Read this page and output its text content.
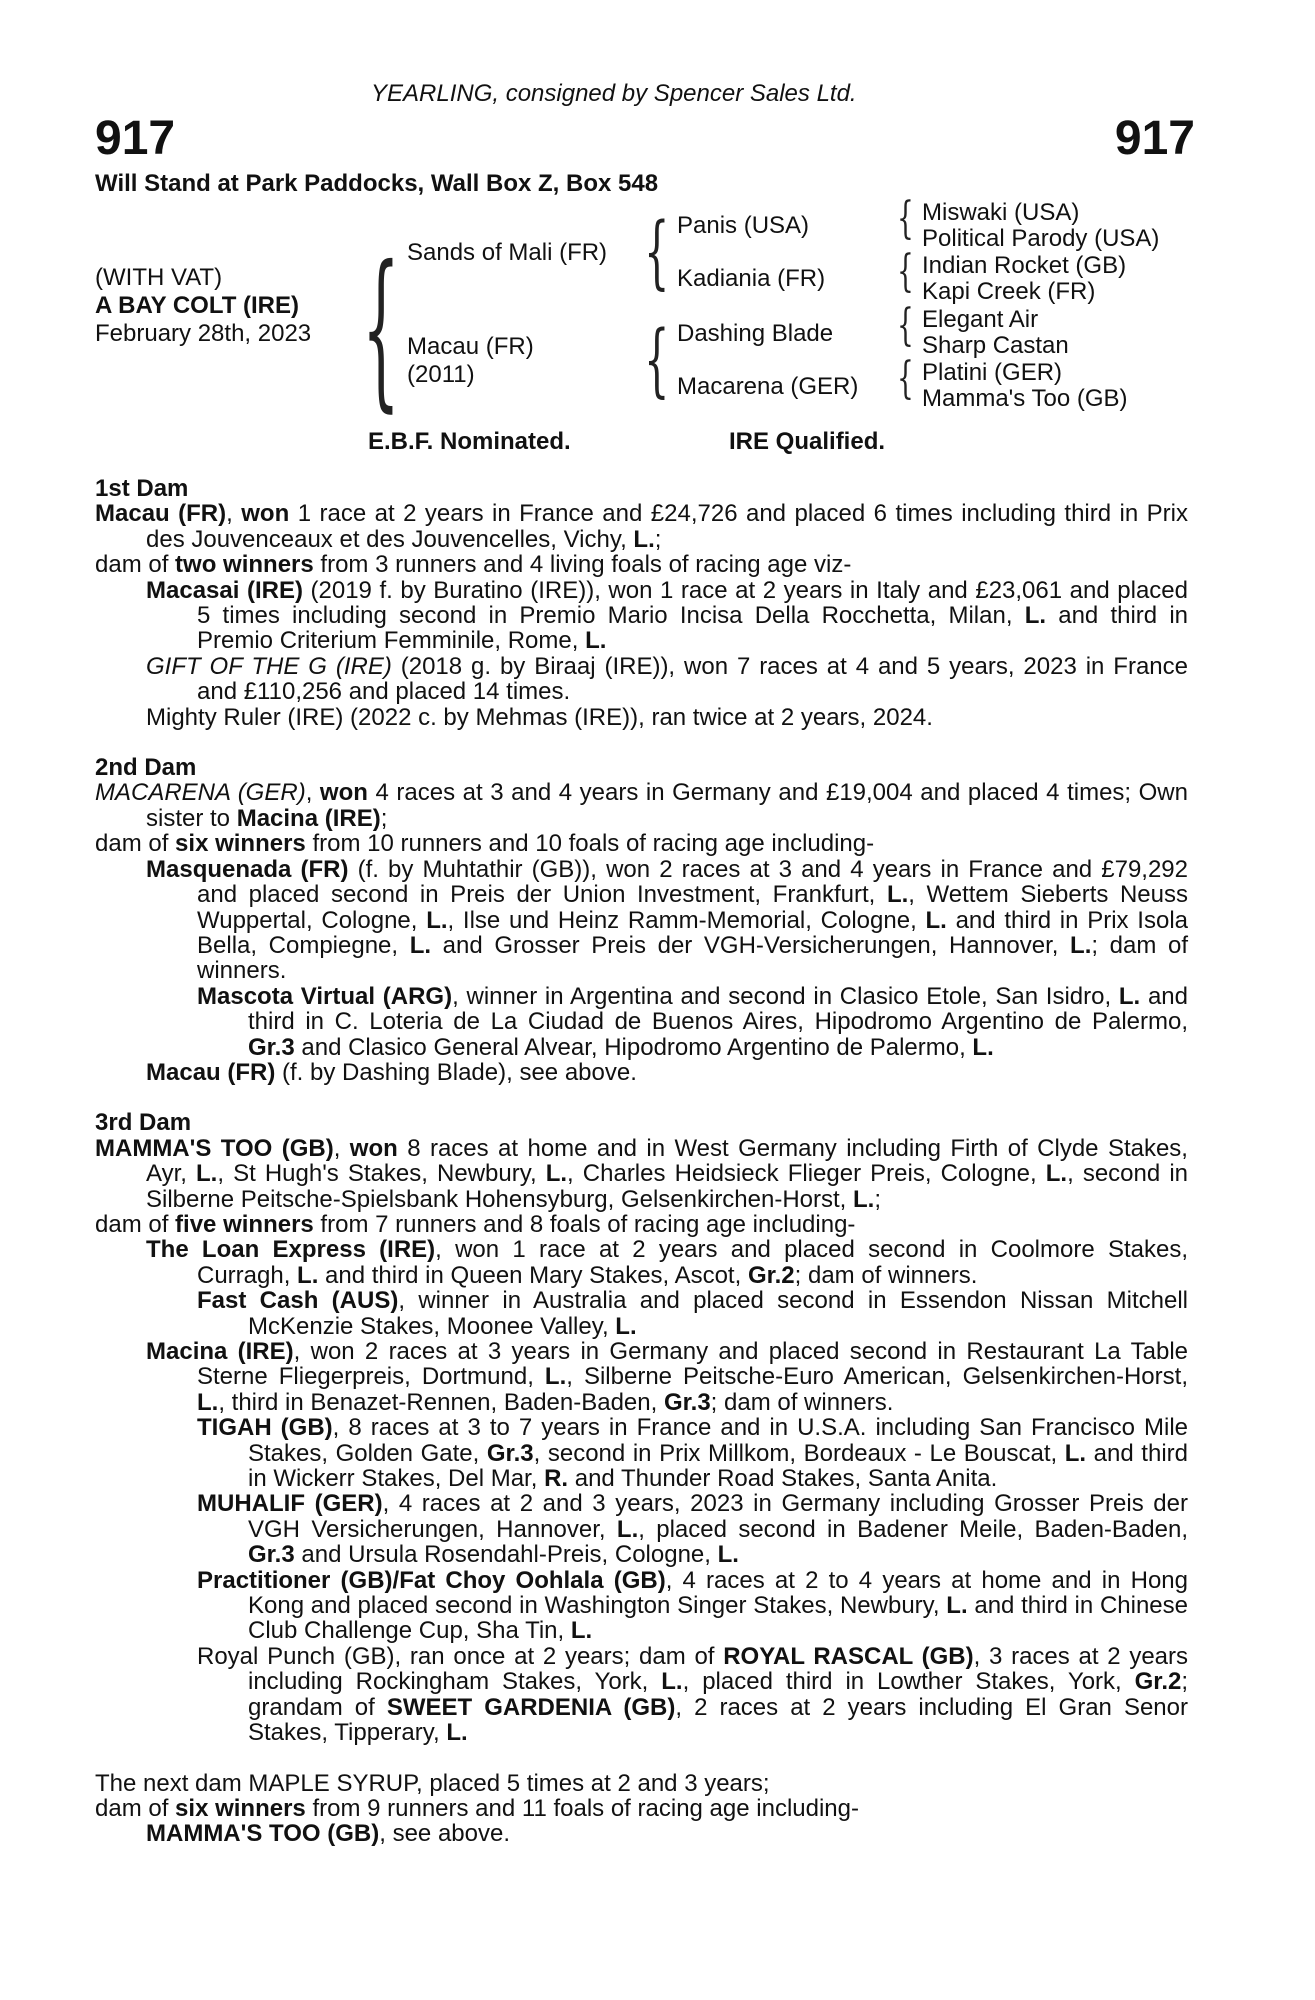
YEARLING, consigned by Spencer Sales Ltd.
917	917
Will Stand at Park Paddocks, Wall Box Z, Box 548
(WITH VAT)
A BAY COLT (IRE)
February 28th, 2023 {	{
{
{
{
{
{
Sands of Mali (FR)
Macau (FR)
(2011)
Panis (USA)
Kadiania (FR)
Dashing Blade
Macarena (GER)
Miswaki (USA)
Political Parody (USA)
Indian Rocket (GB)
Kapi Creek (FR)
Elegant Air
Sharp Castan
Platini (GER)
Mamma's Too (GB)
E.B.F. Nominated.	IRE Qualified.
1st Dam
Macau (FR), won 1 race at 2 years in France and £24,726 and placed 6 times including third in Prix des Jouvenceaux et des Jouvencelles, Vichy, L.;
dam of two winners from 3 runners and 4 living foals of racing age viz-
Macasai (IRE) (2019 f. by Buratino (IRE)), won 1 race at 2 years in Italy and £23,061 and placed 5 times including second in Premio Mario Incisa Della Rocchetta, Milan, L. and third in Premio Criterium Femminile, Rome, L.
GIFT OF THE G (IRE) (2018 g. by Biraaj (IRE)), won 7 races at 4 and 5 years, 2023 in France and £110,256 and placed 14 times.
Mighty Ruler (IRE) (2022 c. by Mehmas (IRE)), ran twice at 2 years, 2024.
2nd Dam
MACARENA (GER), won 4 races at 3 and 4 years in Germany and £19,004 and placed 4 times; Own sister to Macina (IRE);
dam of six winners from 10 runners and 10 foals of racing age including-
Masquenada (FR) (f. by Muhtathir (GB)), won 2 races at 3 and 4 years in France and £79,292 and placed second in Preis der Union Investment, Frankfurt, L., Wettem Sieberts Neuss Wuppertal, Cologne, L., Ilse und Heinz Ramm-Memorial, Cologne, L. and third in Prix Isola Bella, Compiegne, L. and Grosser Preis der VGH-Versicherungen, Hannover, L.; dam of winners.
Mascota Virtual (ARG), winner in Argentina and second in Clasico Etole, San Isidro, L. and third in C. Loteria de La Ciudad de Buenos Aires, Hipodromo Argentino de Palermo, Gr.3 and Clasico General Alvear, Hipodromo Argentino de Palermo, L.
Macau (FR) (f. by Dashing Blade), see above.
3rd Dam
MAMMA'S TOO (GB), won 8 races at home and in West Germany including Firth of Clyde Stakes, Ayr, L., St Hugh's Stakes, Newbury, L., Charles Heidsieck Flieger Preis, Cologne, L., second in Silberne Peitsche-Spielsbank Hohensyburg, Gelsenkirchen-Horst, L.;
dam of five winners from 7 runners and 8 foals of racing age including-
The Loan Express (IRE), won 1 race at 2 years and placed second in Coolmore Stakes, Curragh, L. and third in Queen Mary Stakes, Ascot, Gr.2; dam of winners.
Fast Cash (AUS), winner in Australia and placed second in Essendon Nissan Mitchell McKenzie Stakes, Moonee Valley, L.
Macina (IRE), won 2 races at 3 years in Germany and placed second in Restaurant La Table Sterne Fliegerpreis, Dortmund, L., Silberne Peitsche-Euro American, Gelsenkirchen-Horst, L., third in Benazet-Rennen, Baden-Baden, Gr.3; dam of winners.
TIGAH (GB), 8 races at 3 to 7 years in France and in U.S.A. including San Francisco Mile Stakes, Golden Gate, Gr.3, second in Prix Millkom, Bordeaux - Le Bouscat, L. and third in Wickerr Stakes, Del Mar, R. and Thunder Road Stakes, Santa Anita.
MUHALIF (GER), 4 races at 2 and 3 years, 2023 in Germany including Grosser Preis der VGH Versicherungen, Hannover, L., placed second in Badener Meile, Baden-Baden, Gr.3 and Ursula Rosendahl-Preis, Cologne, L.
Practitioner (GB)/Fat Choy Oohlala (GB), 4 races at 2 to 4 years at home and in Hong Kong and placed second in Washington Singer Stakes, Newbury, L. and third in Chinese Club Challenge Cup, Sha Tin, L.
Royal Punch (GB), ran once at 2 years; dam of ROYAL RASCAL (GB), 3 races at 2 years including Rockingham Stakes, York, L., placed third in Lowther Stakes, York, Gr.2; grandam of SWEET GARDENIA (GB), 2 races at 2 years including El Gran Senor Stakes, Tipperary, L.
The next dam MAPLE SYRUP, placed 5 times at 2 and 3 years;
dam of six winners from 9 runners and 11 foals of racing age including-
MAMMA'S TOO (GB), see above.
